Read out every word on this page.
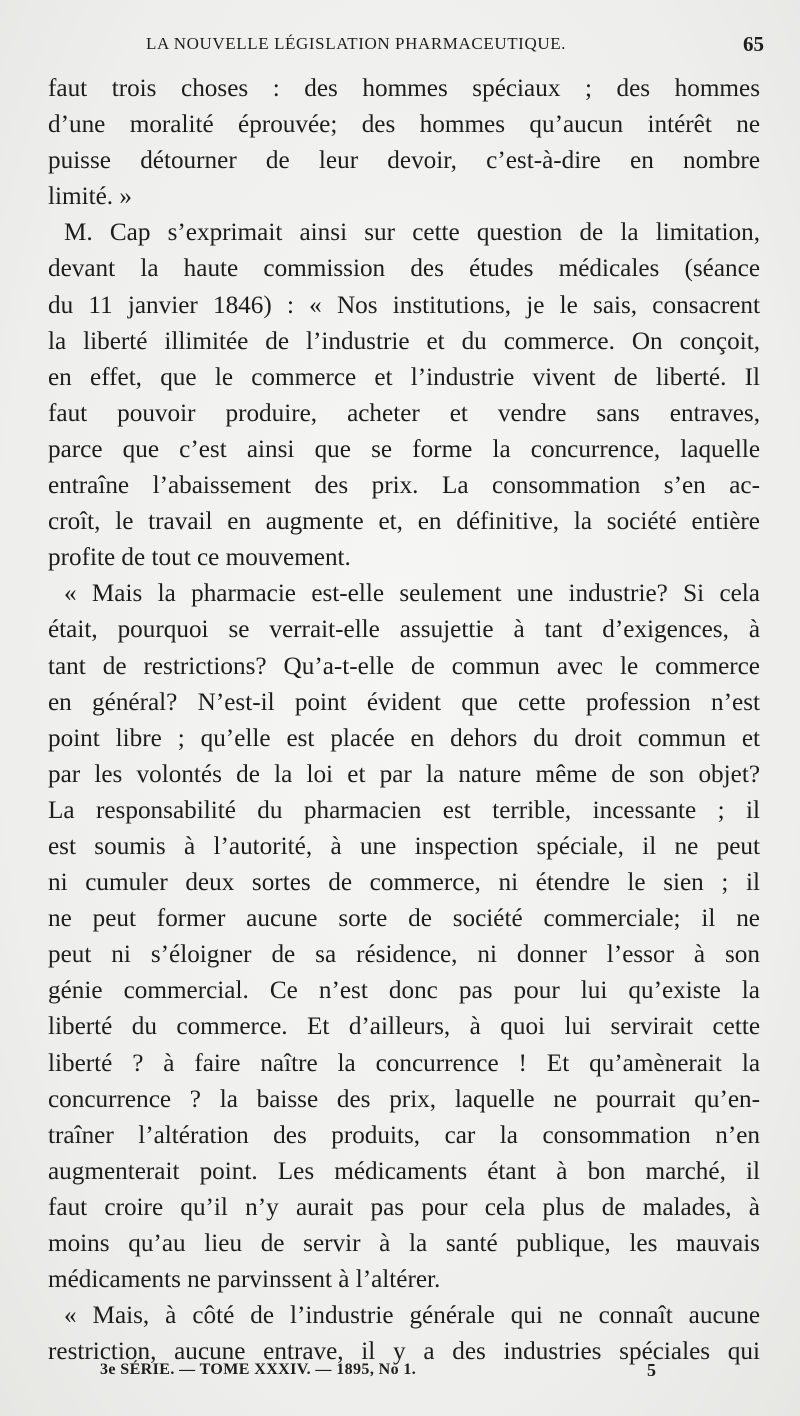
LA NOUVELLE LÉGISLATION PHARMACEUTIQUE.	65
faut trois choses : des hommes spéciaux ; des hommes
d’une moralité éprouvée; des hommes qu’aucun intérêt ne
puisse détourner de leur devoir, c’est-à-dire en nombre
limité. »
M. Cap s’exprimait ainsi sur cette question de la limitation,
devant la haute commission des études médicales (séance
du 11 janvier 1846) : « Nos institutions, je le sais, consacrent
la liberté illimitée de l’industrie et du commerce. On conçoit,
en effet, que le commerce et l’industrie vivent de liberté. Il
faut pouvoir produire, acheter et vendre sans entraves,
parce que c’est ainsi que se forme la concurrence, laquelle
entraîne l’abaissement des prix. La consommation s’en ac-
croît, le travail en augmente et, en définitive, la société entière
profite de tout ce mouvement.
« Mais la pharmacie est-elle seulement une industrie? Si cela
était, pourquoi se verrait-elle assujettie à tant d’exigences, à
tant de restrictions? Qu’a-t-elle de commun avec le commerce
en général? N’est-il point évident que cette profession n’est
point libre ; qu’elle est placée en dehors du droit commun et
par les volontés de la loi et par la nature même de son objet?
La responsabilité du pharmacien est terrible, incessante ; il
est soumis à l’autorité, à une inspection spéciale, il ne peut
ni cumuler deux sortes de commerce, ni étendre le sien ; il
ne peut former aucune sorte de société commerciale; il ne
peut ni s’éloigner de sa résidence, ni donner l’essor à son
génie commercial. Ce n’est donc pas pour lui qu’existe la
liberté du commerce. Et d’ailleurs, à quoi lui servirait cette
liberté ? à faire naître la concurrence ! Et qu’amènerait la
concurrence ? la baisse des prix, laquelle ne pourrait qu’en-
traîner l’altération des produits, car la consommation n’en
augmenterait point. Les médicaments étant à bon marché, il
faut croire qu’il n’y aurait pas pour cela plus de malades, à
moins qu’au lieu de servir à la santé publique, les mauvais
médicaments ne parvinssent à l’altérer.
« Mais, à côté de l’industrie générale qui ne connaît aucune
restriction, aucune entrave, il y a des industries spéciales qui
3e SÉRIE. — TOME XXXIV. — 1895, No 1.	5
